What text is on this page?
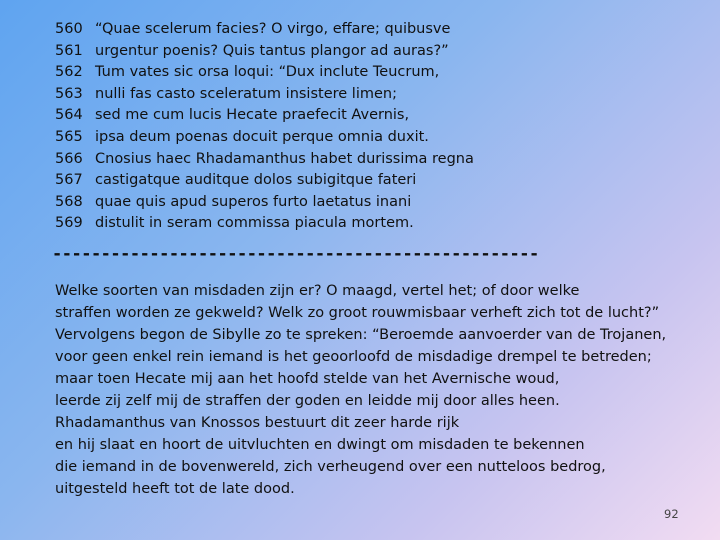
560 “Quae scelerum facies? O virgo, effare; quibusve
561 urgentur poenis? Quis tantus plangor ad auras?”
562 Tum vates sic orsa loqui: “Dux inclute Teucrum,
563 nulli fas casto sceleratum insistere limen;
564 sed me cum lucis Hecate praefecit Avernis,
565 ipsa deum poenas docuit perque omnia duxit.
566 Cnosius haec Rhadamanthus habet durissima regna
567 castigatque auditque dolos subigitque fateri
568 quae quis apud superos furto laetatus inani
569 distulit in seram commissa piacula mortem.
--------------------------------------------------
Welke soorten van misdaden zijn er? O maagd, vertel het; of door welke
straffen worden ze gekweld? Welk zo groot rouwmisbaar verheft zich tot de lucht?”
Vervolgens begon de Sibylle zo te spreken: “Beroemde aanvoerder van de Trojanen,
voor geen enkel rein iemand is het geoorloofd de misdadige drempel te betreden;
maar toen Hecate mij aan het hoofd stelde van het Avernische woud,
leerde zij zelf mij de straffen der goden en leidde mij door alles heen.
Rhadamanthus van Knossos bestuurt dit zeer harde rijk
en hij slaat en hoort de uitvluchten en dwingt om misdaden te bekennen
die iemand in de bovenwereld, zich verheugend over een nutteloos bedrog,
uitgesteld heeft tot de late dood.
92
